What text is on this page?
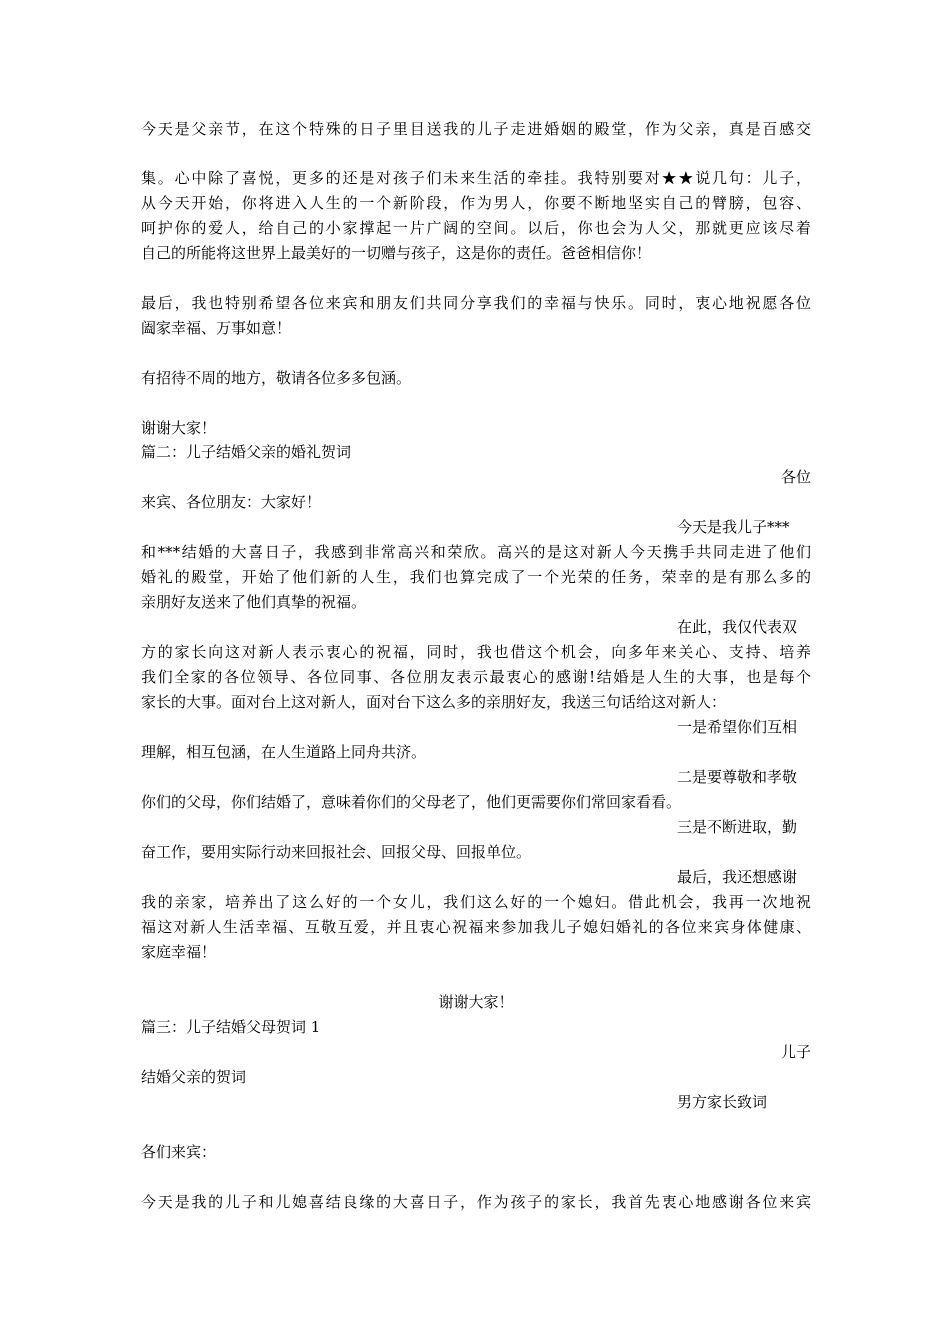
今天是父亲节，在这个特殊的日子里目送我的儿子走进婚姻的殿堂，作为父亲，真是百感交
集。心中除了喜悦，更多的还是对孩子们未来生活的牵挂。我特别要对★★说几句：儿子，
从今天开始，你将进入人生的一个新阶段，作为男人，你要不断地坚实自己的臂膀，包容、
呵护你的爱人，给自己的小家撑起一片广阔的空间。以后，你也会为人父，那就更应该尽着
自己的所能将这世界上最美好的一切赠与孩子，这是你的责任。爸爸相信你！
最后，我也特别希望各位来宾和朋友们共同分享我们的幸福与快乐。同时，衷心地祝愿各位
阖家幸福、万事如意！
有招待不周的地方，敬请各位多多包涵。
谢谢大家！
篇二：儿子结婚父亲的婚礼贺词
各位
来宾、各位朋友：大家好！
今天是我儿子***
和***结婚的大喜日子，我感到非常高兴和荣欣。高兴的是这对新人今天携手共同走进了他们
婚礼的殿堂，开始了他们新的人生，我们也算完成了一个光荣的任务，荣幸的是有那么多的
亲朋好友送来了他们真挚的祝福。
在此，我仅代表双
方的家长向这对新人表示衷心的祝福，同时，我也借这个机会，向多年来关心、支持、培养
我们全家的各位领导、各位同事、各位朋友表示最衷心的感谢!结婚是人生的大事，也是每个
家长的大事。面对台上这对新人，面对台下这么多的亲朋好友，我送三句话给这对新人：
一是希望你们互相
理解，相互包涵，在人生道路上同舟共济。
二是要尊敬和孝敬
你们的父母，你们结婚了，意味着你们的父母老了，他们更需要你们常回家看看。
三是不断进取，勤
奋工作，要用实际行动来回报社会、回报父母、回报单位。
最后，我还想感谢
我的亲家，培养出了这么好的一个女儿，我们这么好的一个媳妇。借此机会，我再一次地祝
福这对新人生活幸福、互敬互爱，并且衷心祝福来参加我儿子媳妇婚礼的各位来宾身体健康、
家庭幸福！
谢谢大家！
篇三：儿子结婚父母贺词 1
儿子
结婚父亲的贺词
男方家长致词
各们来宾：
今天是我的儿子和儿媳喜结良缘的大喜日子，作为孩子的家长，我首先衷心地感谢各位来宾
